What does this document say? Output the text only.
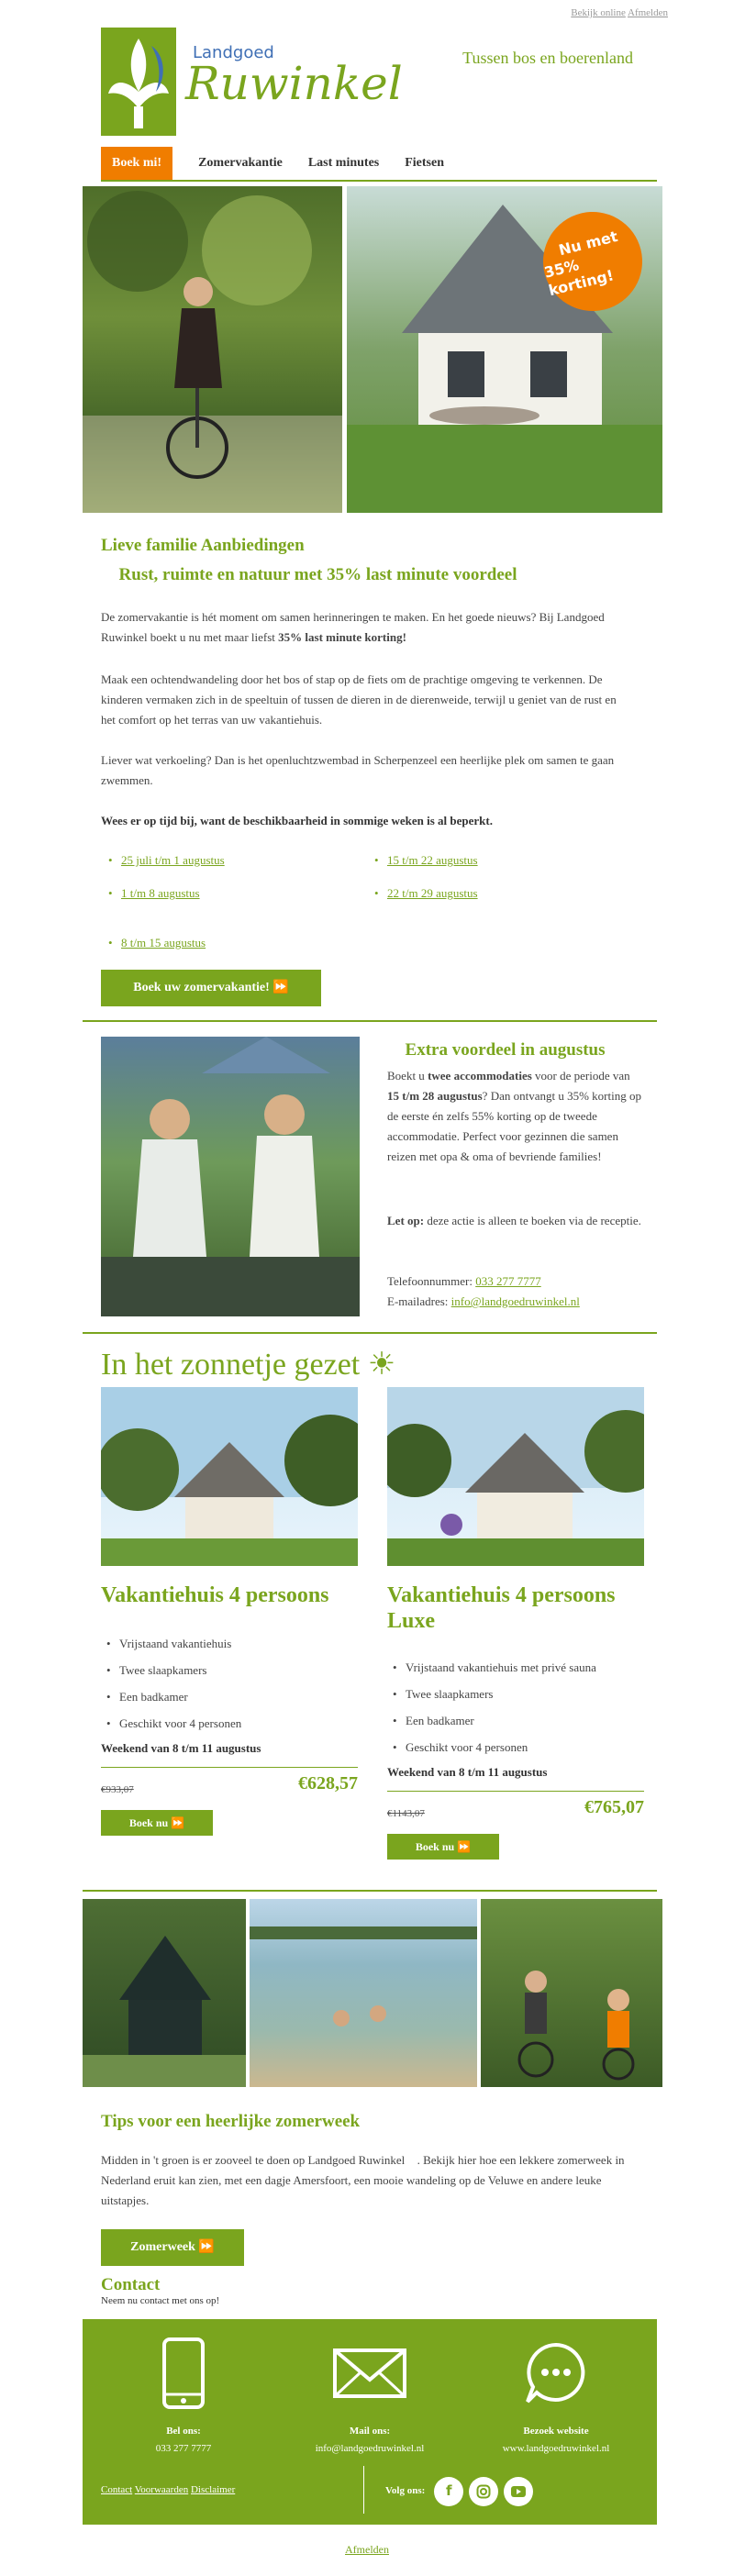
Bekijk online Afmelden
Landgoed
Ruwinkel	Tussen bos en boerenland
Boek mi!	Zomervakantie	Last minutes	Fietsen
Nu met
35% korting!
Lieve familie Aanbiedingen
Rust, ruimte en natuur met 35% last minute voordeel
De zomervakantie is hét moment om samen herinneringen te maken. En het goede nieuws? Bij Landgoed Ruwinkel boekt u nu met maar liefst 35% last minute korting!
Maak een ochtendwandeling door het bos of stap op de fiets om de prachtige omgeving te verkennen. De kinderen vermaken zich in de speeltuin of tussen de dieren in de dierenweide, terwijl u geniet van de rust en het comfort op het terras van uw vakantiehuis.
Liever wat verkoeling? Dan is het openluchtzwembad in Scherpenzeel een heerlijke plek om samen te gaan zwemmen.
Wees er op tijd bij, want de beschikbaarheid in sommige weken is al beperkt.
• 25 juli t/m 1 augustus	• 15 t/m 22 augustus
• 1 t/m 8 augustus	• 22 t/m 29 augustus
• 8 t/m 15 augustus
Boek uw zomervakantie! ⏩
Extra voordeel in augustus
Boekt u twee accommodaties voor de periode van 15 t/m 28 augustus? Dan ontvangt u 35% korting op de eerste én zelfs 55% korting op de tweede accommodatie. Perfect voor gezinnen die samen reizen met opa & oma of bevriende families!
Let op: deze actie is alleen te boeken via de receptie.
Telefoonnummer: 033 277 7777
E-mailadres: info@landgoedruwinkel.nl
In het zonnetje gezet ☀
Vakantiehuis 4 persoons	Vakantiehuis 4 persoons Luxe
• Vrijstaand vakantiehuis
• Twee slaapkamers
• Een badkamer
• Geschikt voor 4 personen
• Vrijstaand vakantiehuis met privé sauna
• Twee slaapkamers
• Een badkamer
• Geschikt voor 4 personen
Weekend van 8 t/m 11 augustus
Weekend van 8 t/m 11 augustus
€933,07	€628,57
€1143,07	€765,07
Boek nu ⏩
Boek nu ⏩
Tips voor een heerlijke zomerweek
Midden in 't groen is er zooveel te doen op Landgoed Ruwinkel . Bekijk hier hoe een lekkere zomerweek in Nederland eruit kan zien, met een dagje Amersfoort, een mooie wandeling op de Veluwe en andere leuke uitstapjes.
Zomerweek ⏩
Contact
Neem nu contact met ons op!
Bel ons:
033 277 7777
Mail ons:
info@landgoedruwinkel.nl
Bezoek website
www.landgoedruwinkel.nl
Contact Voorwaarden Disclaimer	Volg ons:	f
Afmelden
